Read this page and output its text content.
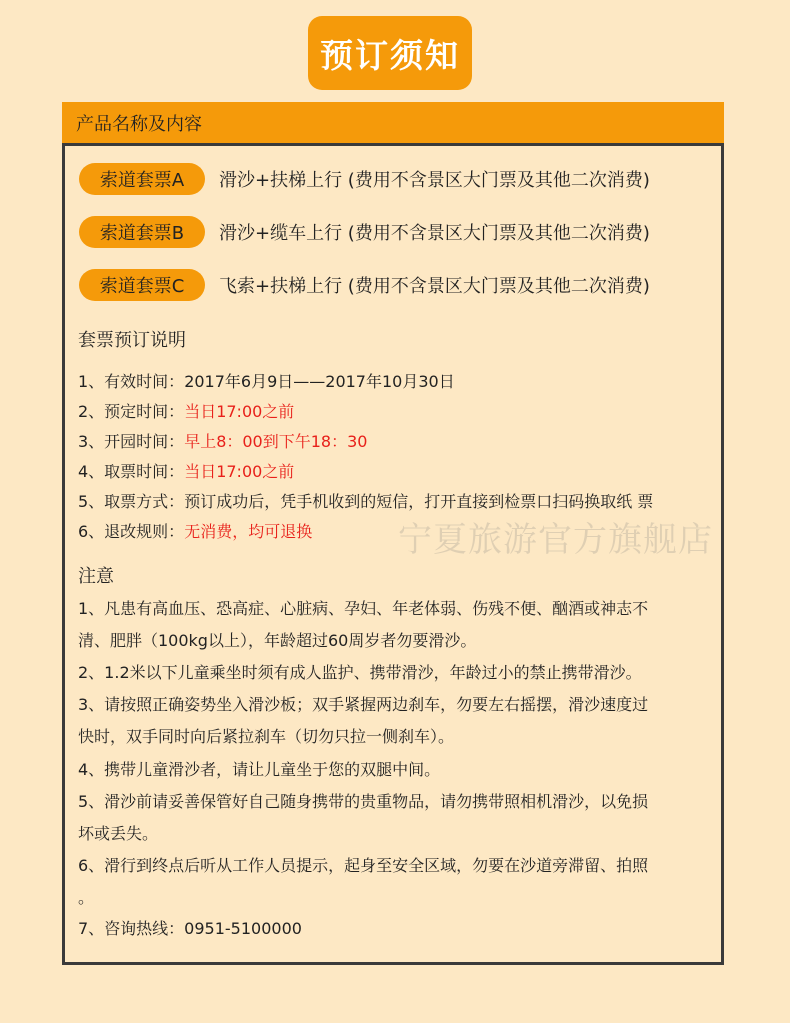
预订须知
产品名称及内容
索道套票A	滑沙+扶梯上行 (费用不含景区大门票及其他二次消费)
索道套票B	滑沙+缆车上行 (费用不含景区大门票及其他二次消费)
索道套票C	飞索+扶梯上行 (费用不含景区大门票及其他二次消费)
套票预订说明
1、有效时间：2017年6月9日——2017年10月30日
2、预定时间：当日17:00之前
3、开园时间：早上8：00到下午18：30
4、取票时间：当日17:00之前
5、取票方式：预订成功后，凭手机收到的短信，打开直接到检票口扫码换取纸 票
6、退改规则：无消费，均可退换
注意
1、凡患有高血压、恐高症、心脏病、孕妇、年老体弱、伤残不便、酗酒或神志不
清、肥胖（100kg以上），年龄超过60周岁者勿要滑沙。
2、1.2米以下儿童乘坐时须有成人监护、携带滑沙，年龄过小的禁止携带滑沙。
3、请按照正确姿势坐入滑沙板；双手紧握两边刹车，勿要左右摇摆，滑沙速度过
快时，双手同时向后紧拉刹车（切勿只拉一侧刹车）。
4、携带儿童滑沙者，请让儿童坐于您的双腿中间。
5、滑沙前请妥善保管好自己随身携带的贵重物品，请勿携带照相机滑沙，以免损
坏或丢失。
6、滑行到终点后听从工作人员提示，起身至安全区域，勿要在沙道旁滞留、拍照
。
7、咨询热线：0951-5100000
宁夏旅游官方旗舰店
